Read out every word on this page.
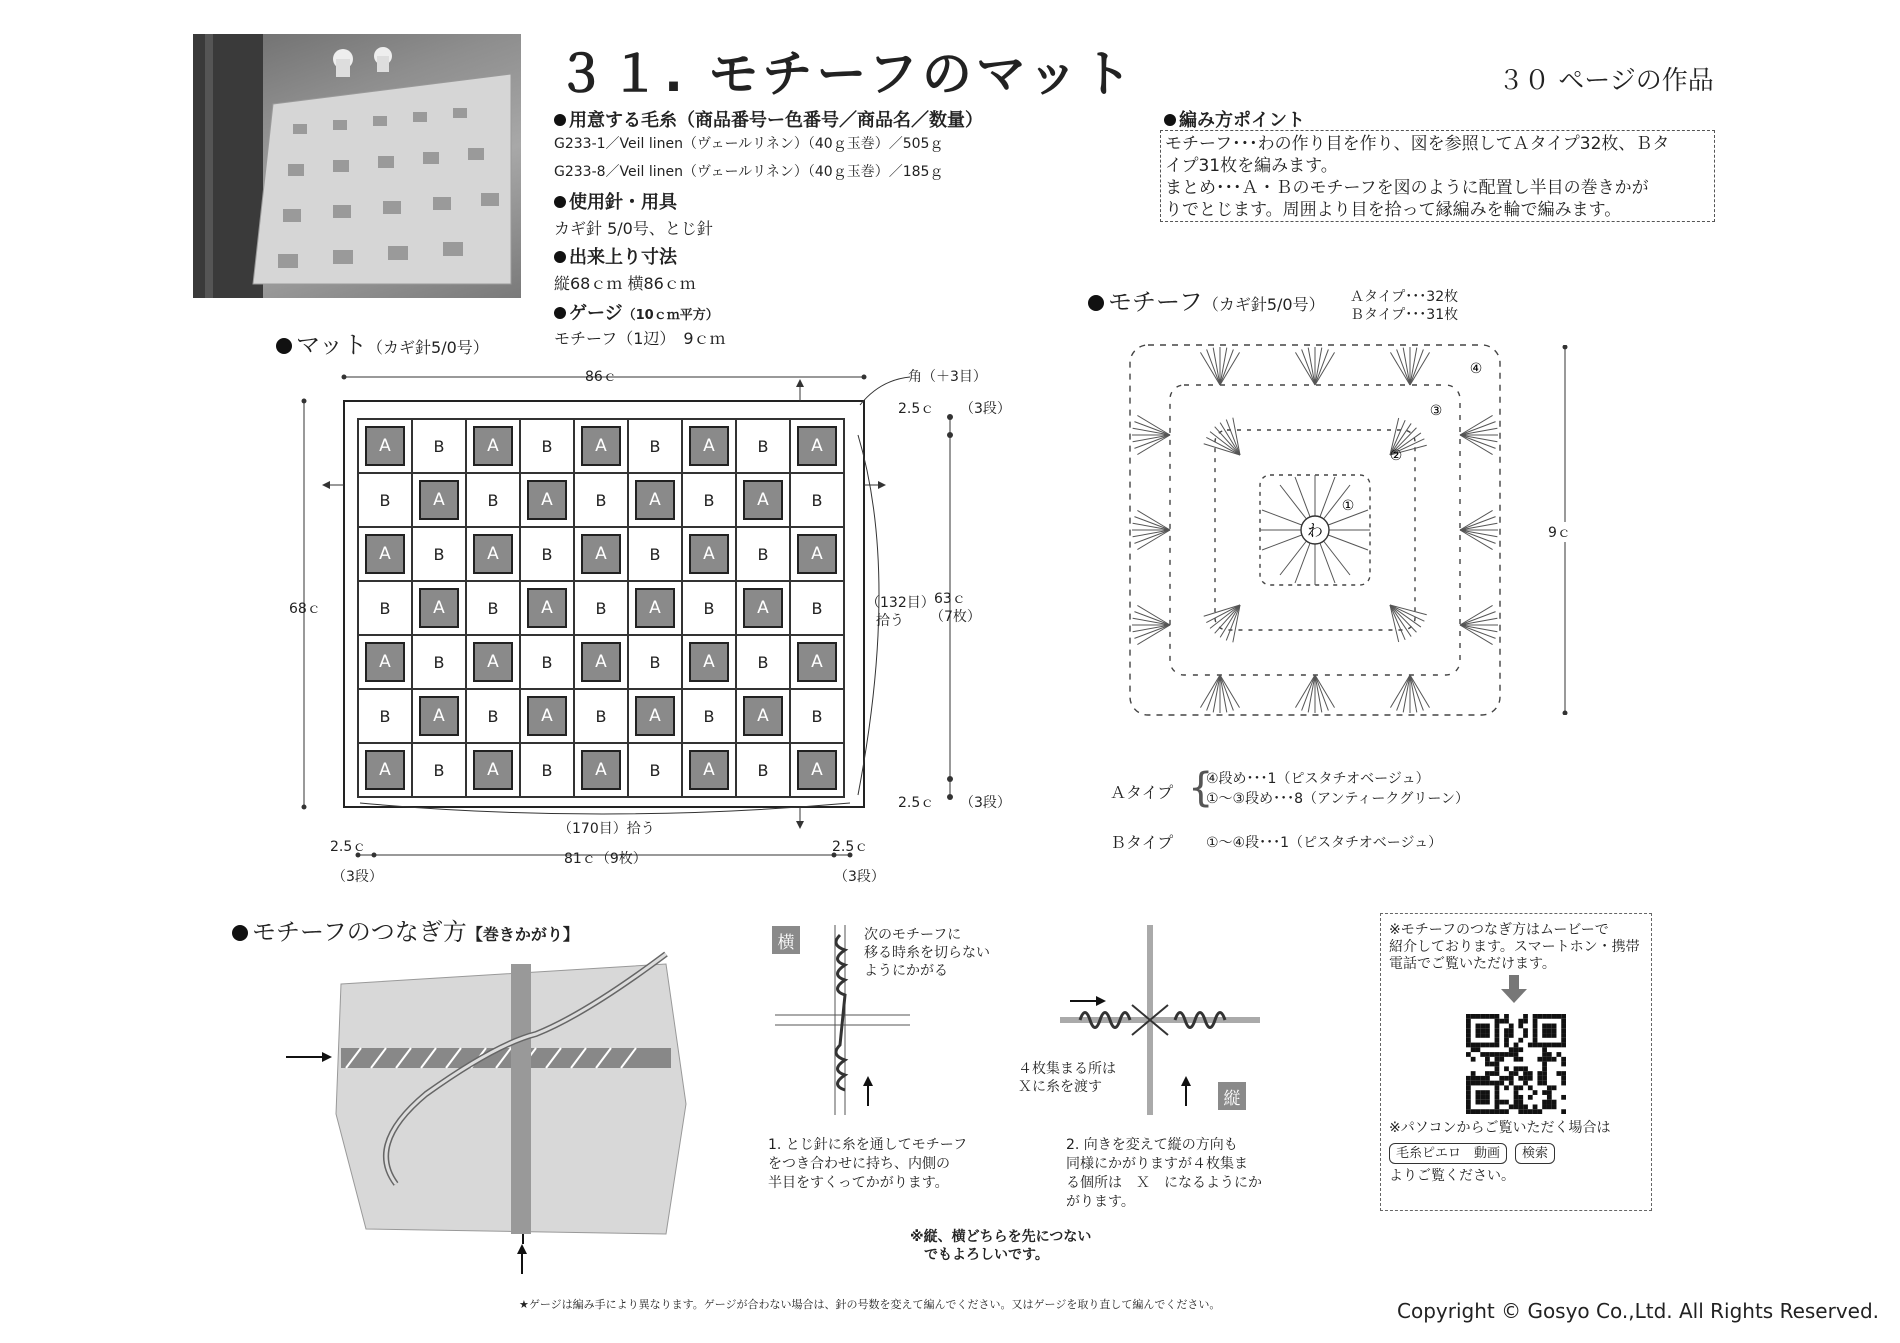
３１. モチーフのマット	３０ ページの作品
用意する毛糸（商品番号ー色番号／商品名／数量）
G233-1／Veil linen（ヴェールリネン）（40ｇ玉巻）／505ｇ
G233-8／Veil linen（ヴェールリネン）（40ｇ玉巻）／185ｇ
使用針・用具
カギ針 5/0号、とじ針
出来上り寸法
縦68ｃｍ 横86ｃｍ
ゲージ（10ｃｍ平方）
モチーフ（1辺）　9ｃｍ
編み方ポイント
モチーフ･･･わの作り目を作り、図を参照してＡタイプ32枚、Ｂタ
イプ31枚を編みます。
まとめ･･･Ａ・Ｂのモチーフを図のように配置し半目の巻きかが
りでとじます。周囲より目を拾って縁編みを輪で編みます。
マット（カギ針5/0号）
A	B	A	B	A	B	A	B	A
B	A	B	A	B	A	B	A	B
A	B	A	B	A	B	A	B	A
B	A	B	A	B	A	B	A	B
A	B	A	B	A	B	A	B	A
B	A	B	A	B	A	B	A	B
A	B	A	B	A	B	A	B	A
86ｃ	角（＋3目）
2.5ｃ （3段）
68ｃ
63ｃ
（7枚）
（132目）
拾う
2.5ｃ （3段）
（170目）拾う
2.5ｃ
（3段）
81ｃ（9枚）
2.5ｃ
（3段）
モチーフ（カギ針5/0号） Ａタイプ･･･32枚
Ｂタイプ･･･31枚
わ
①
②
③
④
9ｃ
Ａタイプ {
④段め･･･1（ピスタチオベージュ）
①〜③段め･･･8（アンティークグリーン）
Ｂタイプ ①〜④段･･･1（ピスタチオベージュ）
モチーフのつなぎ方【巻きかがり】	横	次のモチーフに
移る時糸を切らない
ようにかがる
1. とじ針に糸を通してモチーフ
をつき合わせに持ち、内側の
半目をすくってかがります。
縦
４枚集まる所は
Ｘに糸を渡す
2. 向きを変えて縦の方向も
同様にかがりますが４枚集ま
る個所は　Ｘ　になるようにか
がります。
※縦、横どちらを先につない
でもよろしいです。
※モチーフのつなぎ方はムービーで
紹介しております。スマートホン・携帯
電話でご覧いただけます。
※パソコンからご覧いただく場合は
毛糸ピエロ　動画 検索
よりご覧ください。
★ゲージは編み手により異なります。ゲージが合わない場合は、針の号数を変えて編んでください。又はゲージを取り直して編んでください。	Copyright © Gosyo Co.,Ltd. All Rights Reserved.
